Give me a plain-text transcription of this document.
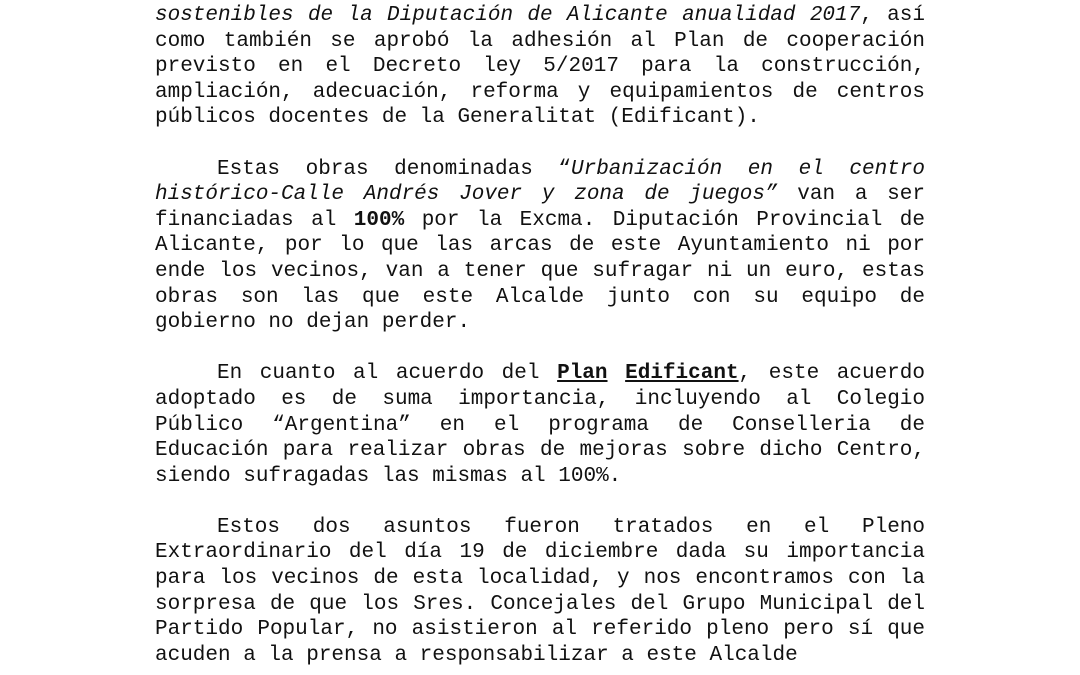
sostenibles de la Diputación de Alicante anualidad 2017, así como también se aprobó la adhesión al Plan de cooperación previsto en el Decreto ley 5/2017 para la construcción, ampliación, adecuación, reforma y equipamientos de centros públicos docentes de la Generalitat (Edificant).

Estas obras denominadas “Urbanización en el centro histórico-Calle Andrés Jover y zona de juegos” van a ser financiadas al 100% por la Excma. Diputación Provincial de Alicante, por lo que las arcas de este Ayuntamiento ni por ende los vecinos, van a tener que sufragar ni un euro, estas obras son las que este Alcalde junto con su equipo de gobierno no dejan perder.

En cuanto al acuerdo del Plan Edificant, este acuerdo adoptado es de suma importancia, incluyendo al Colegio Público “Argentina” en el programa de Conselleria de Educación para realizar obras de mejoras sobre dicho Centro, siendo sufragadas las mismas al 100%.

Estos dos asuntos fueron tratados en el Pleno Extraordinario del día 19 de diciembre dada su importancia para los vecinos de esta localidad, y nos encontramos con la sorpresa de que los Sres. Concejales del Grupo Municipal del Partido Popular, no asistieron al referido pleno pero sí que acuden a la prensa a responsabilizar a este Alcalde
